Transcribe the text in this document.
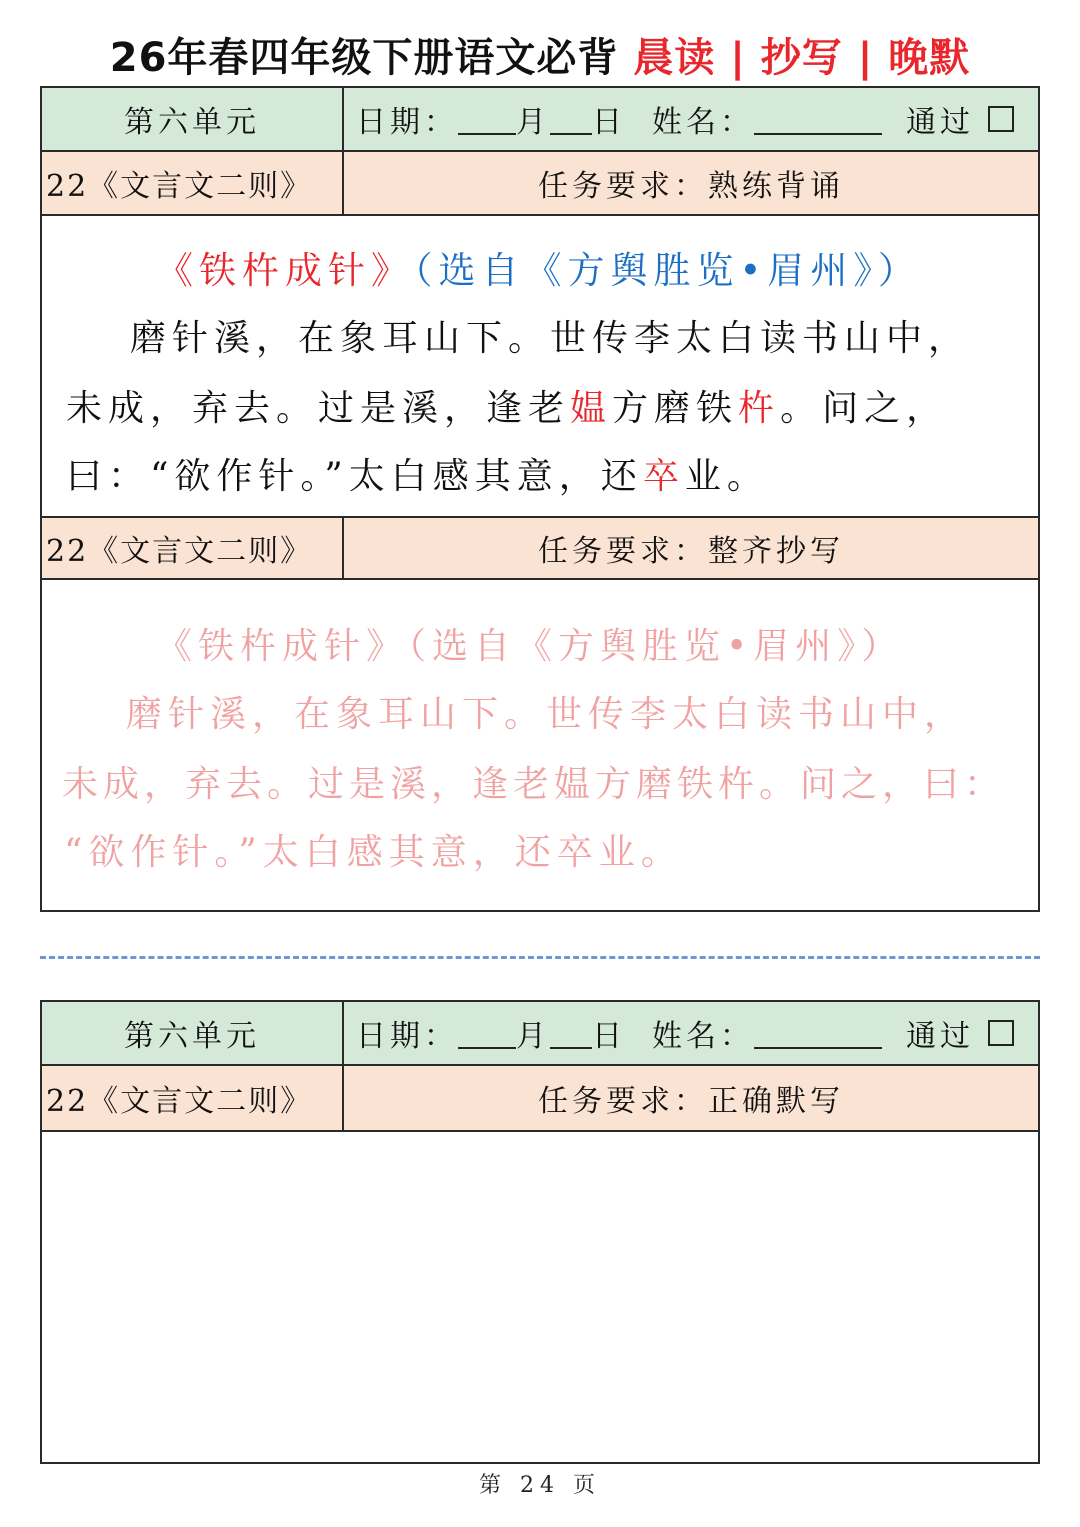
26年春四年级下册语文必背 晨读 | 抄写 | 晚默
第六单元	日期： 月 日 姓名：	通过
22《文言文二则》	任务要求：熟练背诵
《铁杵成针》（选自《方舆胜览•眉州》）
磨针溪，在象耳山下。世传李太白读书山中，
未成，弃去。过是溪，逢老媪方磨铁杵。问之，
曰：“欲作针。”太白感其意，还卒业。
22《文言文二则》	任务要求：整齐抄写
《铁杵成针》（选自《方舆胜览•眉州》）
磨针溪，在象耳山下。世传李太白读书山中，
未成，弃去。过是溪，逢老媪方磨铁杵。问之，曰：
“欲作针。”太白感其意，还卒业。
第六单元	日期： 月 日 姓名：	通过
22《文言文二则》	任务要求：正确默写
第 24 页
